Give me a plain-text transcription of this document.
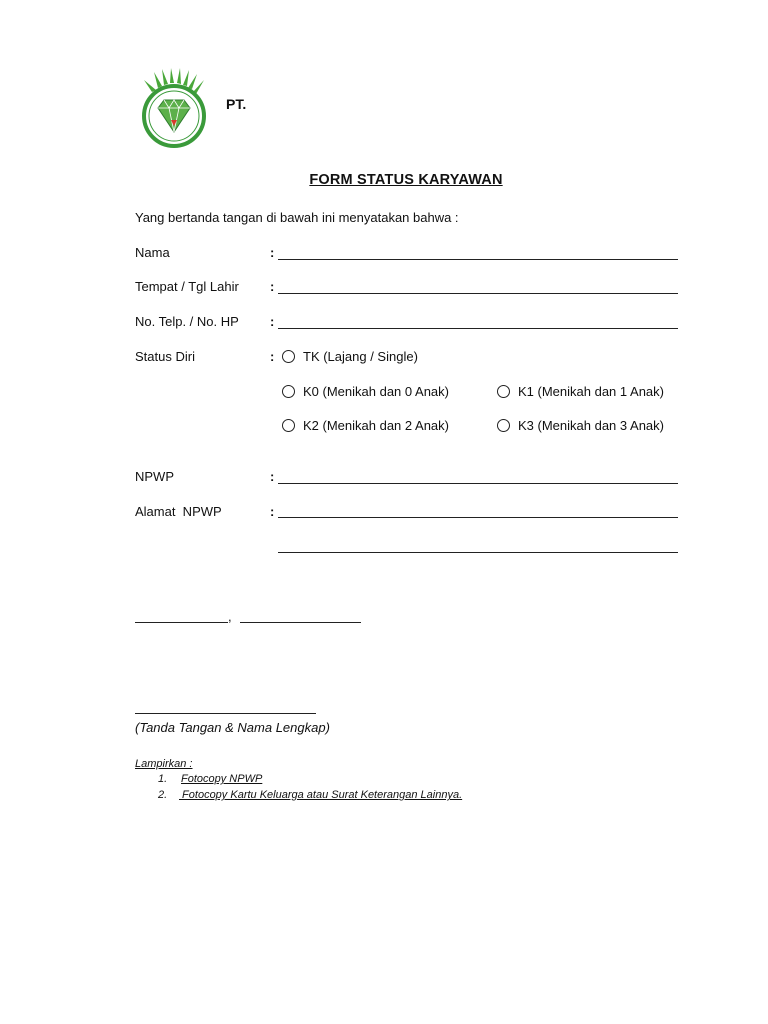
PT.
FORM STATUS KARYAWAN
Yang bertanda tangan di bawah ini menyatakan bahwa :
Nama	:
Tempat / Tgl Lahir :
No. Telp. / No. HP :
Status Diri	: TK (Lajang / Single)
K0 (Menikah dan 0 Anak)	K1 (Menikah dan 1 Anak)
K2 (Menikah dan 2 Anak)	K3 (Menikah dan 3 Anak)
NPWP	:
Alamat  NPWP	:
,
(Tanda Tangan & Nama Lengkap)
Lampirkan :
1. Fotocopy NPWP
2. Fotocopy Kartu Keluarga atau Surat Keterangan Lainnya.
